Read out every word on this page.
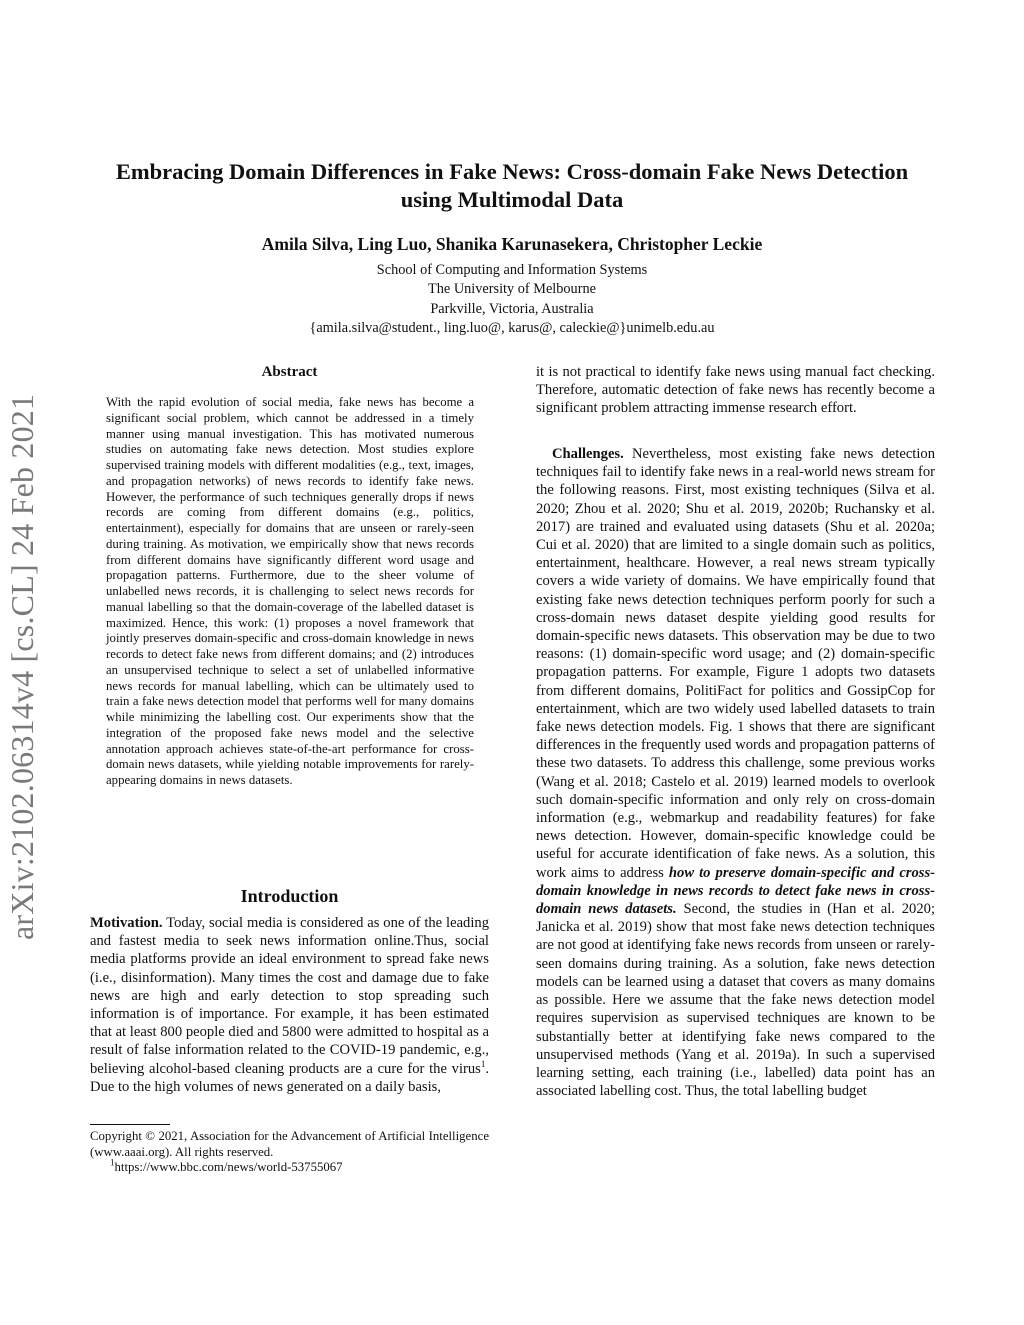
Embracing Domain Differences in Fake News: Cross-domain Fake News Detection
using Multimodal Data
Amila Silva, Ling Luo, Shanika Karunasekera, Christopher Leckie
School of Computing and Information Systems
The University of Melbourne
Parkville, Victoria, Australia
{amila.silva@student., ling.luo@, karus@, caleckie@}unimelb.edu.au
arXiv:2102.06314v4 [cs.CL] 24 Feb 2021
Abstract

With the rapid evolution of social media, fake news has become a significant social problem, which cannot be addressed in a timely manner using manual investigation. This has motivated numerous studies on automating fake news detection. Most studies explore supervised training models with different modalities (e.g., text, images, and propagation networks) of news records to identify fake news. However, the performance of such techniques generally drops if news records are coming from different domains (e.g., politics, entertainment), especially for domains that are unseen or rarely-seen during training. As motivation, we empirically show that news records from different domains have significantly different word usage and propagation patterns. Furthermore, due to the sheer volume of unlabelled news records, it is challenging to select news records for manual labelling so that the domain-coverage of the labelled dataset is maximized. Hence, this work: (1) proposes a novel framework that jointly preserves domain-specific and cross-domain knowledge in news records to detect fake news from different domains; and (2) introduces an unsupervised technique to select a set of unlabelled informative news records for manual labelling, which can be ultimately used to train a fake news detection model that performs well for many domains while minimizing the labelling cost. Our experiments show that the integration of the proposed fake news model and the selective annotation approach achieves state-of-the-art performance for cross-domain news datasets, while yielding notable improvements for rarely-appearing domains in news datasets.

Introduction

Motivation. Today, social media is considered as one of the leading and fastest media to seek news information online.Thus, social media platforms provide an ideal environment to spread fake news (i.e., disinformation). Many times the cost and damage due to fake news are high and early detection to stop spreading such information is of importance. For example, it has been estimated that at least 800 people died and 5800 were admitted to hospital as a result of false information related to the COVID-19 pandemic, e.g., believing alcohol-based cleaning products are a cure for the virus$^1$. Due to the high volumes of news generated on a daily basis,

Copyright © 2021, Association for the Advancement of Artificial Intelligence (www.aaai.org). All rights reserved.

$^1$https://www.bbc.com/news/world-53755067

it is not practical to identify fake news using manual fact checking. Therefore, automatic detection of fake news has recently become a significant problem attracting immense research effort.

Challenges. Nevertheless, most existing fake news detection techniques fail to identify fake news in a real-world news stream for the following reasons. First, most existing techniques (Silva et al. 2020; Zhou et al. 2020; Shu et al. 2019, 2020b; Ruchansky et al. 2017) are trained and evaluated using datasets (Shu et al. 2020a; Cui et al. 2020) that are limited to a single domain such as politics, entertainment, healthcare. However, a real news stream typically covers a wide variety of domains. We have empirically found that existing fake news detection techniques perform poorly for such a cross-domain news dataset despite yielding good results for domain-specific news datasets. This observation may be due to two reasons: (1) domain-specific word usage; and (2) domain-specific propagation patterns. For example, Figure 1 adopts two datasets from different domains, PolitiFact for politics and GossipCop for entertainment, which are two widely used labelled datasets to train fake news detection models. Fig. 1 shows that there are significant differences in the frequently used words and propagation patterns of these two datasets. To address this challenge, some previous works (Wang et al. 2018; Castelo et al. 2019) learned models to overlook such domain-specific information and only rely on cross-domain information (e.g., webmarkup and readability features) for fake news detection. However, domain-specific knowledge could be useful for accurate identification of fake news. As a solution, this work aims to address how to preserve domain-specific and cross-domain knowledge in news records to detect fake news in cross-domain news datasets. Second, the studies in (Han et al. 2020; Janicka et al. 2019) show that most fake news detection techniques are not good at identifying fake news records from unseen or rarely-seen domains during training. As a solution, fake news detection models can be learned using a dataset that covers as many domains as possible. Here we assume that the fake news detection model requires supervision as supervised techniques are known to be substantially better at identifying fake news compared to the unsupervised methods (Yang et al. 2019a). In such a supervised learning setting, each training (i.e., labelled) data point has an associated labelling cost. Thus, the total labelling budget
